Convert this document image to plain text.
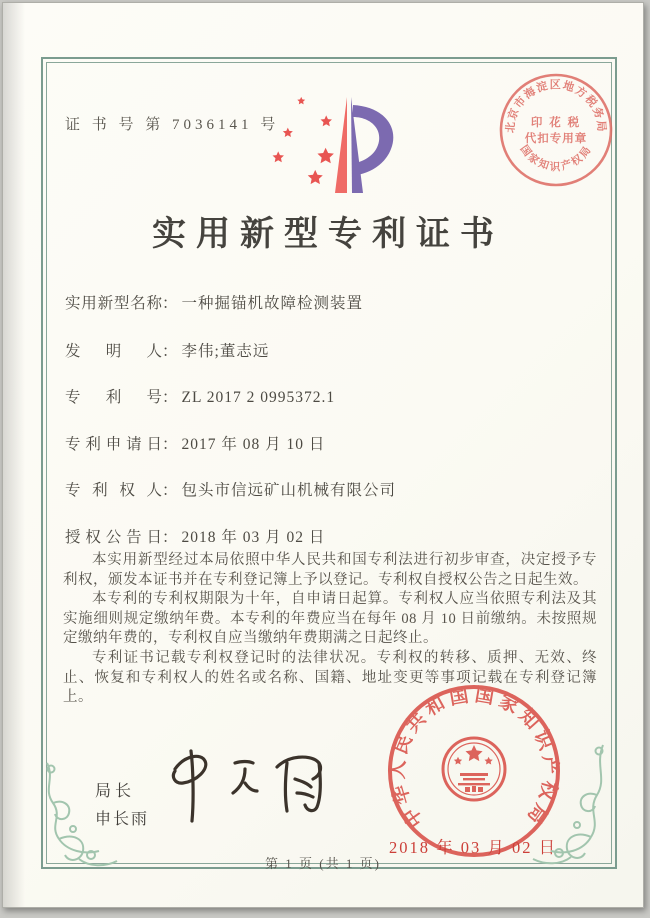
证 书 号 第 7036141 号	北京市海淀区地方税务局
国家知识产权局
印 花 税
代扣专用章
实用新型专利证书
实用新型名称： 一种掘锚机故障检测装置
发明人： 李伟;董志远
专利号： ZL 2017 2 0995372.1
专利申请日： 2017 年 08 月 10 日
专利权人： 包头市信远矿山机械有限公司
授权公告日： 2018 年 03 月 02 日

本实用新型经过本局依照中华人民共和国专利法进行初步审查，决定授予专利权，颁发本证书并在专利登记簿上予以登记。专利权自授权公告之日起生效。

本专利的专利权期限为十年，自申请日起算。专利权人应当依照专利法及其实施细则规定缴纳年费。本专利的年费应当在每年 08 月 10 日前缴纳。未按照规定缴纳年费的，专利权自应当缴纳年费期满之日起终止。

专利证书记载专利权登记时的法律状况。专利权的转移、质押、无效、终止、恢复和专利权人的姓名或名称、国籍、地址变更等事项记载在专利登记簿上。

局长
申长雨	中华人民共和国国家知识产权局
2018 年 03 月 02 日
第 1 页 (共 1 页)
